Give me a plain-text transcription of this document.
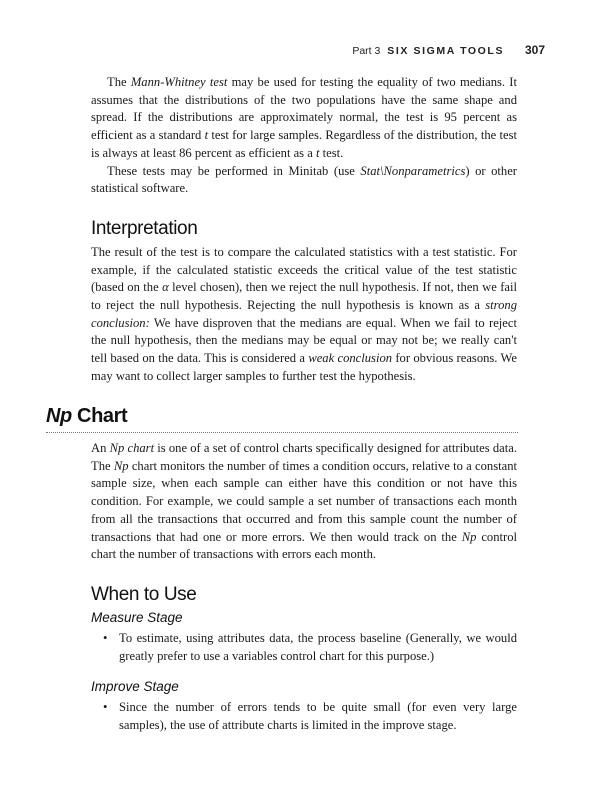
Part 3 SIX SIGMA TOOLS 307

The Mann-Whitney test may be used for testing the equality of two medians. It assumes that the distributions of the two populations have the same shape and spread. If the distributions are approximately normal, the test is 95 percent as efficient as a standard t test for large samples. Regardless of the distribution, the test is always at least 86 percent as efficient as a t test.

These tests may be performed in Minitab (use Stat\Nonparametrics) or other statistical software.

Interpretation

The result of the test is to compare the calculated statistics with a test statistic. For example, if the calculated statistic exceeds the critical value of the test statistic (based on the α level chosen), then we reject the null hypothesis. If not, then we fail to reject the null hypothesis. Rejecting the null hypothesis is known as a strong conclusion: We have disproven that the medians are equal. When we fail to reject the null hypothesis, then the medians may be equal or may not be; we really can't tell based on the data. This is considered a weak conclusion for obvious reasons. We may want to collect larger samples to further test the hypothesis.

Np Chart

An Np chart is one of a set of control charts specifically designed for attributes data. The Np chart monitors the number of times a condition occurs, relative to a constant sample size, when each sample can either have this condition or not have this condition. For example, we could sample a set number of transactions each month from all the transactions that occurred and from this sample count the number of transactions that had one or more errors. We then would track on the Np control chart the number of transactions with errors each month.

When to Use
Measure Stage
• To estimate, using attributes data, the process baseline (Generally, we would greatly prefer to use a variables control chart for this purpose.)
Improve Stage
• Since the number of errors tends to be quite small (for even very large samples), the use of attribute charts is limited in the improve stage.
